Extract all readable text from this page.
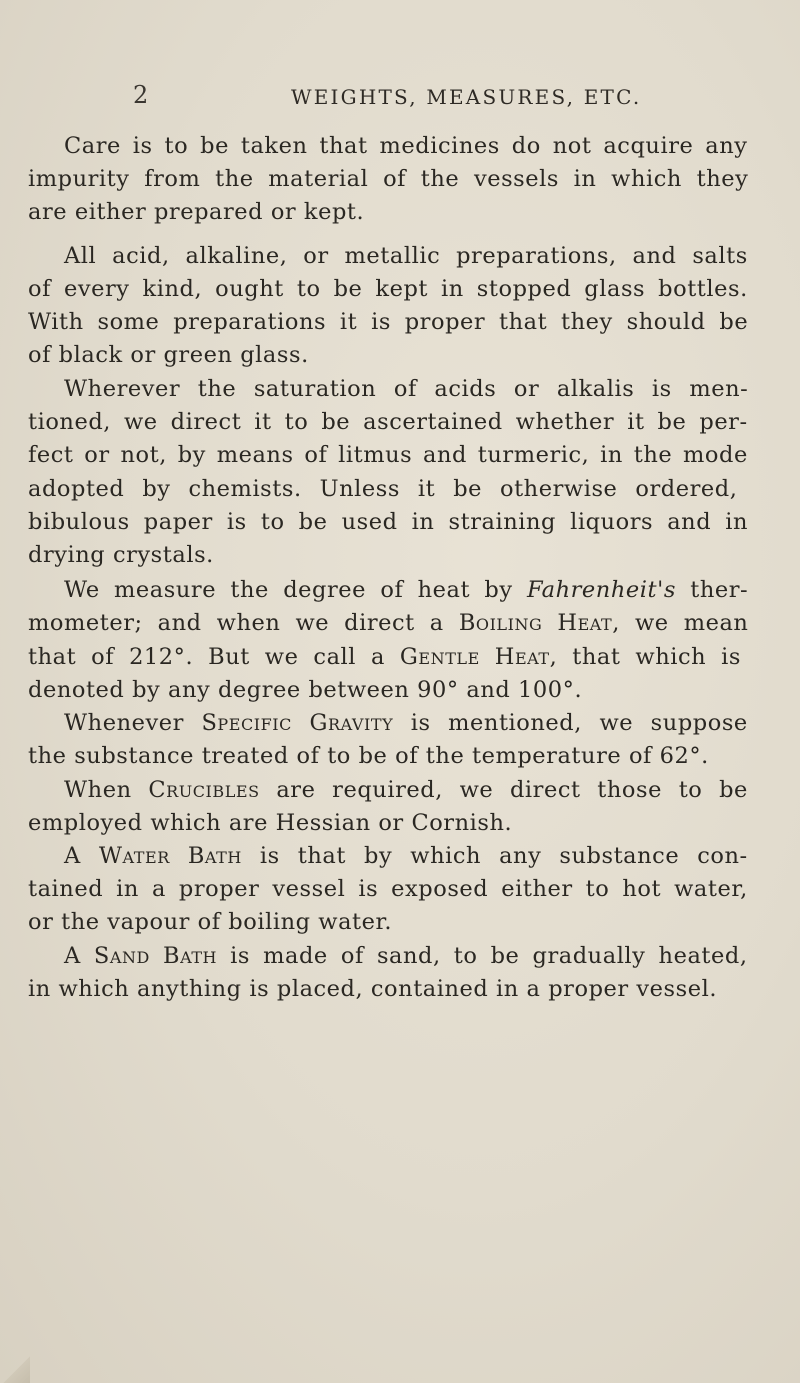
2	WEIGHTS, MEASURES, ETC.
Care is to be taken that medicines do not acquire any
impurity from the material of the vessels in which they
are either prepared or kept.
All acid, alkaline, or metallic preparations, and salts
of every kind, ought to be kept in stopped glass bottles.
With some preparations it is proper that they should be
of black or green glass.
Wherever the saturation of acids or alkalis is men-
tioned, we direct it to be ascertained whether it be per-
fect or not, by means of litmus and turmeric, in the mode
adopted by chemists. Unless it be otherwise ordered,
bibulous paper is to be used in straining liquors and in
drying crystals.
We measure the degree of heat by Fahrenheit's ther-
mometer; and when we direct a Boiling Heat, we mean
that of 212°. But we call a Gentle Heat, that which is
denoted by any degree between 90° and 100°.
Whenever Specific Gravity is mentioned, we suppose
the substance treated of to be of the temperature of 62°.
When Crucibles are required, we direct those to be
employed which are Hessian or Cornish.
A Water Bath is that by which any substance con-
tained in a proper vessel is exposed either to hot water,
or the vapour of boiling water.
A Sand Bath is made of sand, to be gradually heated,
in which anything is placed, contained in a proper vessel.
